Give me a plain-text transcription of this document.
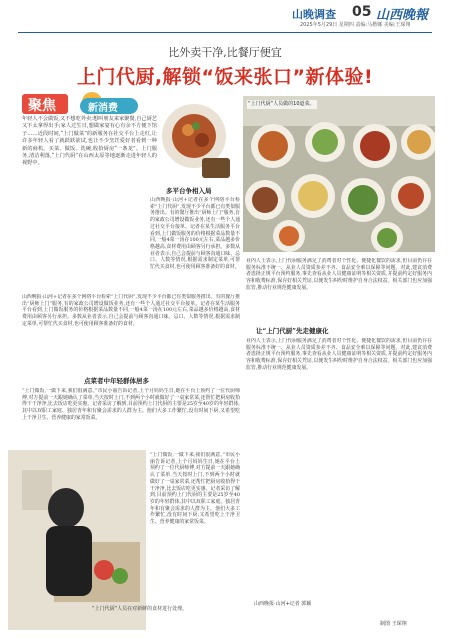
山晚调查 05 山西晚報
2025年5月29日 星期四 责编:马楷娜 美编:王琛翔
比外卖干净,比餐厅便宜
上门代厨,解锁“饭来张口”新体验!
聚焦	新消费
年轻人不会做饭,又不想吃外卖;想叫朋友来家聚餐,自己厨艺又不太拿得出手;家人过生日,想做家宴有心有余不方便下馆子……近段时间,“上门做菜”的新服务在社交平台上走红,让许多年轻人看了就跃跃欲试,也让不少烹饪爱好者看到一种新的商机。买菜、做饭、洗碗,收拾厨房“一条龙”。上门服务,清洁利落,“上门代厨”在山西太原等地逐渐走进年轻人的视野中。
“上门代厨”人员做的10道菜。
多平台争相入局
山西晚报·山河+记者在多个网络平台检索“上门代厨”,发现不少平台都已有类似服务推出。有的餐厅推出“厨师上门”服务,有的家政公司增设做饭业务,还有一些个人通过社交平台接单。记者在某生活服务平台看到,上门做饭服务的价格根据菜品数量不同,一般4菜一汤在100元左右,菜品越多价格越高,食材费用由顾客另行承担。多数从业者表示,自己会提前与顾客沟通口味、忌口、人数等情况,根据需求制定菜单,可帮忙代买食材,也可使用顾客准备好的食材。
业内人士表示,上门代厨服务满足了消费者对个性化、便捷化餐饮的需求,但目前仍存在服务标准不统一、从业人员资质参差不齐、食品安全难以保障等问题。对此,建议消费者选择正规平台预约服务,事先查看从业人员健康证明等相关资质,并提前约定好服务内容和收费标准,保存好相关凭证,以便发生纠纷时维护自身合法权益。相关部门也应加强监管,推动行业规范健康发展。
让“上门代厨”先走健康化
业内人士表示,上门代厨服务满足了消费者对个性化、便捷化餐饮的需求,但目前仍存在服务标准不统一、从业人员资质参差不齐、食品安全难以保障等问题。对此,建议消费者选择正规平台预约服务,事先查看从业人员健康证明等相关资质,并提前约定好服务内容和收费标准,保存好相关凭证,以便发生纠纷时维护自身合法权益。相关部门也应加强监管,推动行业规范健康发展。
山西晚报·山河+记者在多个网络平台检索“上门代厨”,发现不少平台都已有类似服务推出。有的餐厅推出“厨师上门”服务,有的家政公司增设做饭业务,还有一些个人通过社交平台接单。记者在某生活服务平台看到,上门做饭服务的价格根据菜品数量不同,一般4菜一汤在100元左右,菜品越多价格越高,食材费用由顾客另行承担。多数从业者表示,自己会提前与顾客沟通口味、忌口、人数等情况,根据需求制定菜单,可帮忙代买食材,也可使用顾客准备好的食材。
点菜者中年轻群体居多
“上门做饭,一做下来,我们很满意。”市民小丽告诉记者,上个月妈妈生日,她在平台上预约了一位代厨师傅,对方提前一天跟她确认了菜单,当天按时上门,不到两个小时就做好了一桌家常菜,还帮忙把厨房收拾得干干净净,比去饭店吃更实惠。记者采访了解到,目前预约上门代厨的主要是25岁至40岁的年轻群体,其中以双职工家庭、独居青年和有聚会需求的人群为主。他们大多工作繁忙,没有时间下厨,又希望吃上干净卫生、营养健康的家常饭菜。
“上门做饭,一做下来,我们很满意。”市民小丽告诉记者,上个月妈妈生日,她在平台上预约了一位代厨师傅,对方提前一天跟她确认了菜单,当天按时上门,不到两个小时就做好了一桌家常菜,还帮忙把厨房收拾得干干净净,比去饭店吃更实惠。记者采访了解到,目前预约上门代厨的主要是25岁至40岁的年轻群体,其中以双职工家庭、独居青年和有聚会需求的人群为主。他们大多工作繁忙,没有时间下厨,又希望吃上干净卫生、营养健康的家常饭菜。
“上门代厨”人员在对新鲜的食材进行处理。
山西晚报·山河+记者 郭颖
制图 王琛翔
